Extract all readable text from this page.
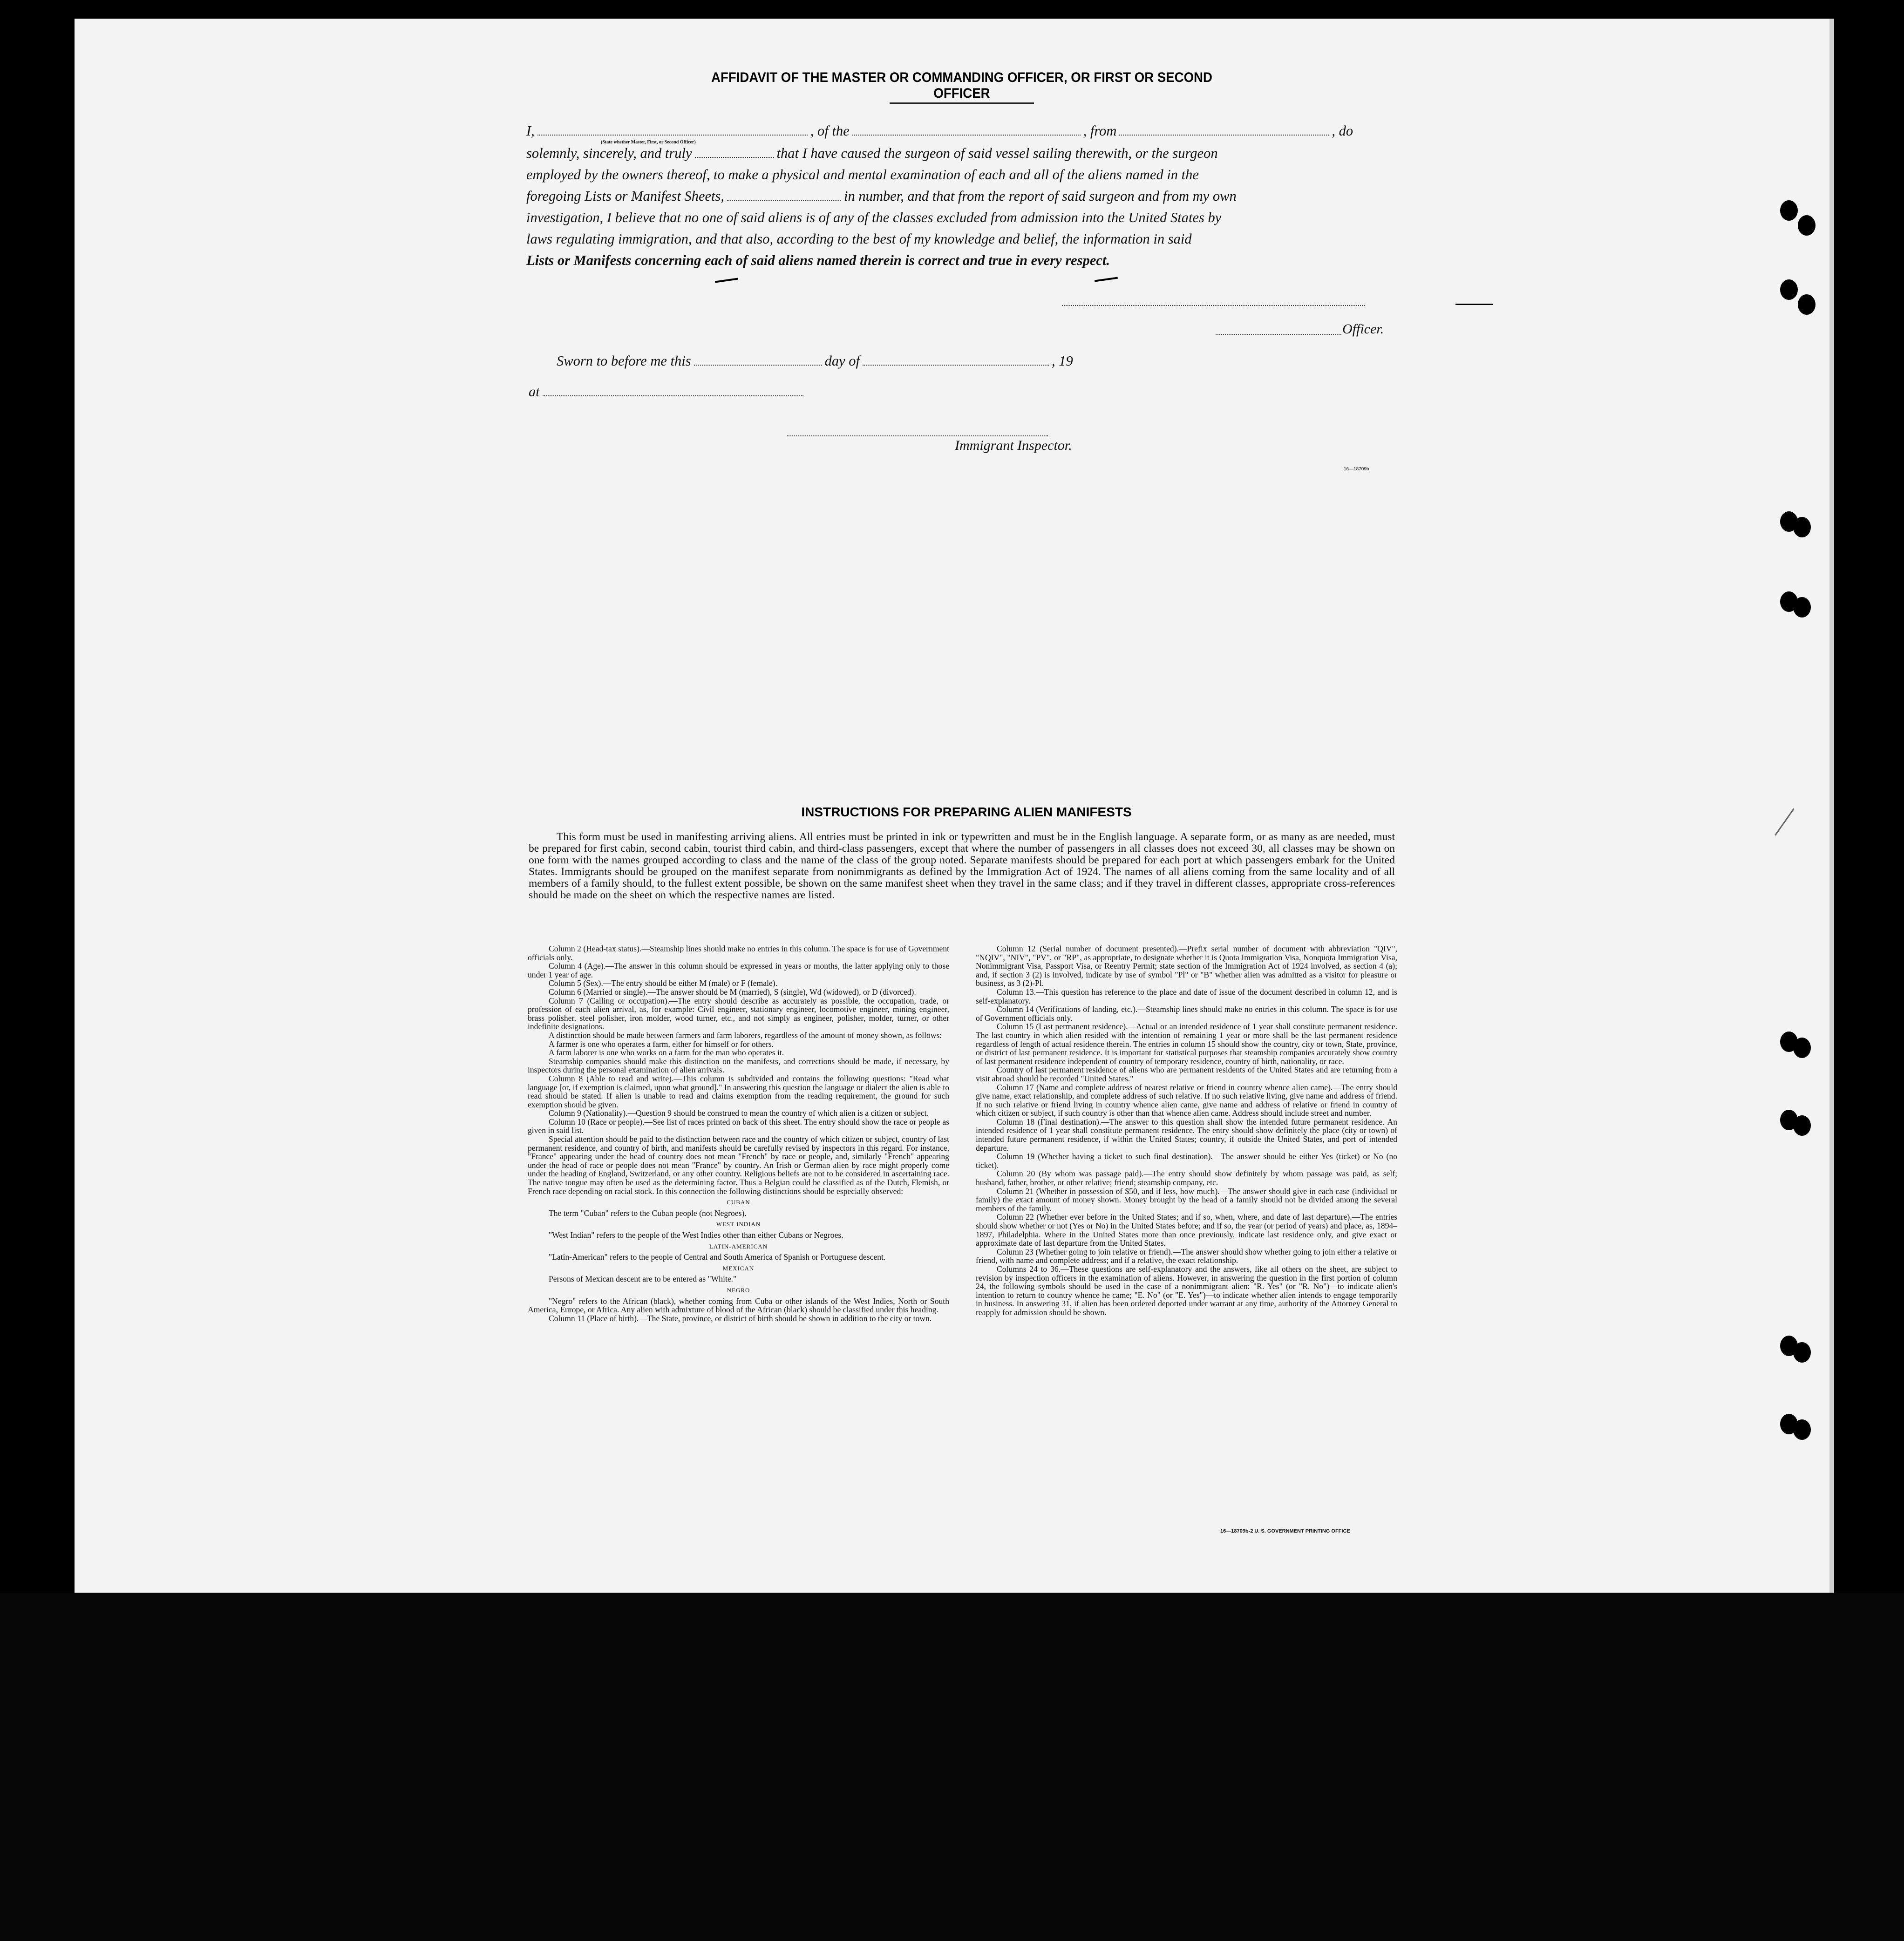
AFFIDAVIT OF THE MASTER OR COMMANDING OFFICER, OR FIRST OR SECOND OFFICER
I,	, of the	, from	, do
(State whether Master, First, or Second Officer)
solemnly, sincerely, and truly	that I have caused the surgeon of said vessel sailing therewith, or the surgeon
employed by the owners thereof, to make a physical and mental examination of each and all of the aliens named in the
foregoing Lists or Manifest Sheets,	in number, and that from the report of said surgeon and from my own
investigation, I believe that no one of said aliens is of any of the classes excluded from admission into the United States by
laws regulating immigration, and that also, according to the best of my knowledge and belief, the information in said
Lists or Manifests concerning each of said aliens named therein is correct and true in every respect.
Officer.
Sworn to before me this	day of	, 19
at
Immigrant Inspector.
16—18709b
INSTRUCTIONS FOR PREPARING ALIEN MANIFESTS
This form must be used in manifesting arriving aliens. All entries must be printed in ink or typewritten and must be in the English language. A separate form, or as many as are needed, must be prepared for first cabin, second cabin, tourist third cabin, and third-class passengers, except that where the number of passengers in all classes does not exceed 30, all classes may be shown on one form with the names grouped according to class and the name of the class of the group noted. Separate manifests should be prepared for each port at which passengers embark for the United States. Immigrants should be grouped on the manifest separate from nonimmigrants as defined by the Immigration Act of 1924. The names of all aliens coming from the same locality and of all members of a family should, to the fullest extent possible, be shown on the same manifest sheet when they travel in the same class; and if they travel in different classes, appropriate cross-references should be made on the sheet on which the respective names are listed.

Column 2 (Head-tax status).—Steamship lines should make no entries in this column. The space is for use of Government officials only.

Column 4 (Age).—The answer in this column should be expressed in years or months, the latter applying only to those under 1 year of age.

Column 5 (Sex).—The entry should be either M (male) or F (female).

Column 6 (Married or single).—The answer should be M (married), S (single), Wd (widowed), or D (divorced).

Column 7 (Calling or occupation).—The entry should describe as accurately as possible, the occupation, trade, or profession of each alien arrival, as, for example: Civil engineer, stationary engineer, locomotive engineer, mining engineer, brass polisher, steel polisher, iron molder, wood turner, etc., and not simply as engineer, polisher, molder, turner, or other indefinite designations.

A distinction should be made between farmers and farm laborers, regardless of the amount of money shown, as follows:

A farmer is one who operates a farm, either for himself or for others.

A farm laborer is one who works on a farm for the man who operates it.

Steamship companies should make this distinction on the manifests, and corrections should be made, if necessary, by inspectors during the personal examination of alien arrivals.

Column 8 (Able to read and write).—This column is subdivided and contains the following questions: "Read what language [or, if exemption is claimed, upon what ground]." In answering this question the language or dialect the alien is able to read should be stated. If alien is unable to read and claims exemption from the reading requirement, the ground for such exemption should be given.

Column 9 (Nationality).—Question 9 should be construed to mean the country of which alien is a citizen or subject.

Column 10 (Race or people).—See list of races printed on back of this sheet. The entry should show the race or people as given in said list.

Special attention should be paid to the distinction between race and the country of which citizen or subject, country of last permanent residence, and country of birth, and manifests should be carefully revised by inspectors in this regard. For instance, "France" appearing under the head of country does not mean "French" by race or people, and, similarly "French" appearing under the head of race or people does not mean "France" by country. An Irish or German alien by race might properly come under the heading of England, Switzerland, or any other country. Religious beliefs are not to be considered in ascertaining race. The native tongue may often be used as the determining factor. Thus a Belgian could be classified as of the Dutch, Flemish, or French race depending on racial stock. In this connection the following distinctions should be especially observed:

CUBAN

The term "Cuban" refers to the Cuban people (not Negroes).

WEST INDIAN

"West Indian" refers to the people of the West Indies other than either Cubans or Negroes.

LATIN-AMERICAN

"Latin-American" refers to the people of Central and South America of Spanish or Portuguese descent.

MEXICAN

Persons of Mexican descent are to be entered as "White."

NEGRO

"Negro" refers to the African (black), whether coming from Cuba or other islands of the West Indies, North or South America, Europe, or Africa. Any alien with admixture of blood of the African (black) should be classified under this heading.

Column 11 (Place of birth).—The State, province, or district of birth should be shown in addition to the city or town.

Column 12 (Serial number of document presented).—Prefix serial number of document with abbreviation "QIV", "NQIV", "NIV", "PV", or "RP", as appropriate, to designate whether it is Quota Immigration Visa, Nonquota Immigration Visa, Nonimmigrant Visa, Passport Visa, or Reentry Permit; state section of the Immigration Act of 1924 involved, as section 4 (a); and, if section 3 (2) is involved, indicate by use of symbol "Pl" or "B" whether alien was admitted as a visitor for pleasure or business, as 3 (2)-Pl.

Column 13.—This question has reference to the place and date of issue of the document described in column 12, and is self-explanatory.

Column 14 (Verifications of landing, etc.).—Steamship lines should make no entries in this column. The space is for use of Government officials only.

Column 15 (Last permanent residence).—Actual or an intended residence of 1 year shall constitute permanent residence. The last country in which alien resided with the intention of remaining 1 year or more shall be the last permanent residence regardless of length of actual residence therein. The entries in column 15 should show the country, city or town, State, province, or district of last permanent residence. It is important for statistical purposes that steamship companies accurately show country of last permanent residence independent of country of temporary residence, country of birth, nationality, or race.

Country of last permanent residence of aliens who are permanent residents of the United States and are returning from a visit abroad should be recorded "United States."

Column 17 (Name and complete address of nearest relative or friend in country whence alien came).—The entry should give name, exact relationship, and complete address of such relative. If no such relative living, give name and address of friend. If no such relative or friend living in country whence alien came, give name and address of relative or friend in country of which citizen or subject, if such country is other than that whence alien came. Address should include street and number.

Column 18 (Final destination).—The answer to this question shall show the intended future permanent residence. An intended residence of 1 year shall constitute permanent residence. The entry should show definitely the place (city or town) of intended future permanent residence, if within the United States; country, if outside the United States, and port of intended departure.

Column 19 (Whether having a ticket to such final destination).—The answer should be either Yes (ticket) or No (no ticket).

Column 20 (By whom was passage paid).—The entry should show definitely by whom passage was paid, as self; husband, father, brother, or other relative; friend; steamship company, etc.

Column 21 (Whether in possession of $50, and if less, how much).—The answer should give in each case (individual or family) the exact amount of money shown. Money brought by the head of a family should not be divided among the several members of the family.

Column 22 (Whether ever before in the United States; and if so, when, where, and date of last departure).—The entries should show whether or not (Yes or No) in the United States before; and if so, the year (or period of years) and place, as, 1894–1897, Philadelphia. Where in the United States more than once previously, indicate last residence only, and give exact or approximate date of last departure from the United States.

Column 23 (Whether going to join relative or friend).—The answer should show whether going to join either a relative or friend, with name and complete address; and if a relative, the exact relationship.

Columns 24 to 36.—These questions are self-explanatory and the answers, like all others on the sheet, are subject to revision by inspection officers in the examination of aliens. However, in answering the question in the first portion of column 24, the following symbols should be used in the case of a nonimmigrant alien: "R. Yes" (or "R. No")—to indicate alien's intention to return to country whence he came; "E. No" (or "E. Yes")—to indicate whether alien intends to engage temporarily in business. In answering 31, if alien has been ordered deported under warrant at any time, authority of the Attorney General to reapply for admission should be shown.

16—18709b-2 U. S. GOVERNMENT PRINTING OFFICE
